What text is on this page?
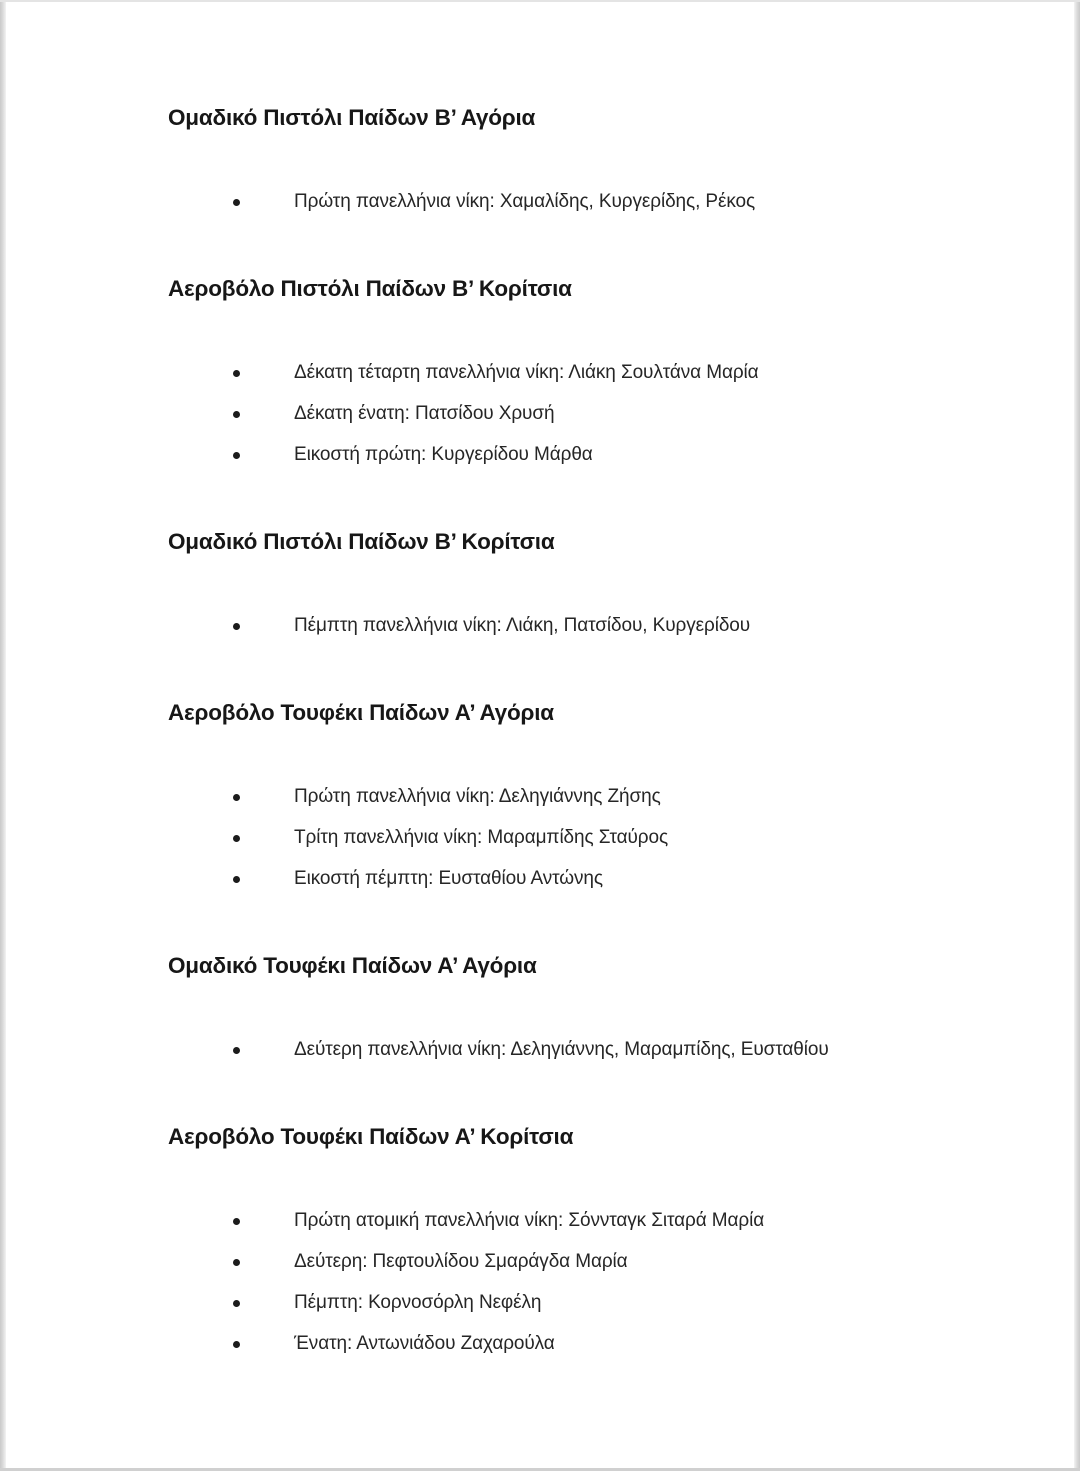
Ομαδικό Πιστόλι Παίδων Β’ Αγόρια
Πρώτη πανελλήνια νίκη: Χαμαλίδης, Κυργερίδης, Ρέκος
Αεροβόλο Πιστόλι Παίδων Β’ Κορίτσια
Δέκατη τέταρτη πανελλήνια νίκη: Λιάκη Σουλτάνα Μαρία
Δέκατη ένατη: Πατσίδου Χρυσή
Εικοστή πρώτη: Κυργερίδου Μάρθα
Ομαδικό Πιστόλι Παίδων Β’ Κορίτσια
Πέμπτη πανελλήνια νίκη: Λιάκη, Πατσίδου, Κυργερίδου
Αεροβόλο Τουφέκι Παίδων Α’ Αγόρια
Πρώτη πανελλήνια νίκη: Δεληγιάννης Ζήσης
Τρίτη πανελλήνια νίκη: Μαραμπίδης Σταύρος
Εικοστή πέμπτη: Ευσταθίου Αντώνης
Ομαδικό Τουφέκι Παίδων Α’ Αγόρια
Δεύτερη πανελλήνια νίκη: Δεληγιάννης, Μαραμπίδης, Ευσταθίου
Αεροβόλο Τουφέκι Παίδων Α’ Κορίτσια
Πρώτη ατομική πανελλήνια νίκη: Σόννταγκ Σιταρά Μαρία
Δεύτερη: Πεφτουλίδου Σμαράγδα Μαρία
Πέμπτη: Κορνοσόρλη Νεφέλη
Ένατη: Αντωνιάδου Ζαχαρούλα
